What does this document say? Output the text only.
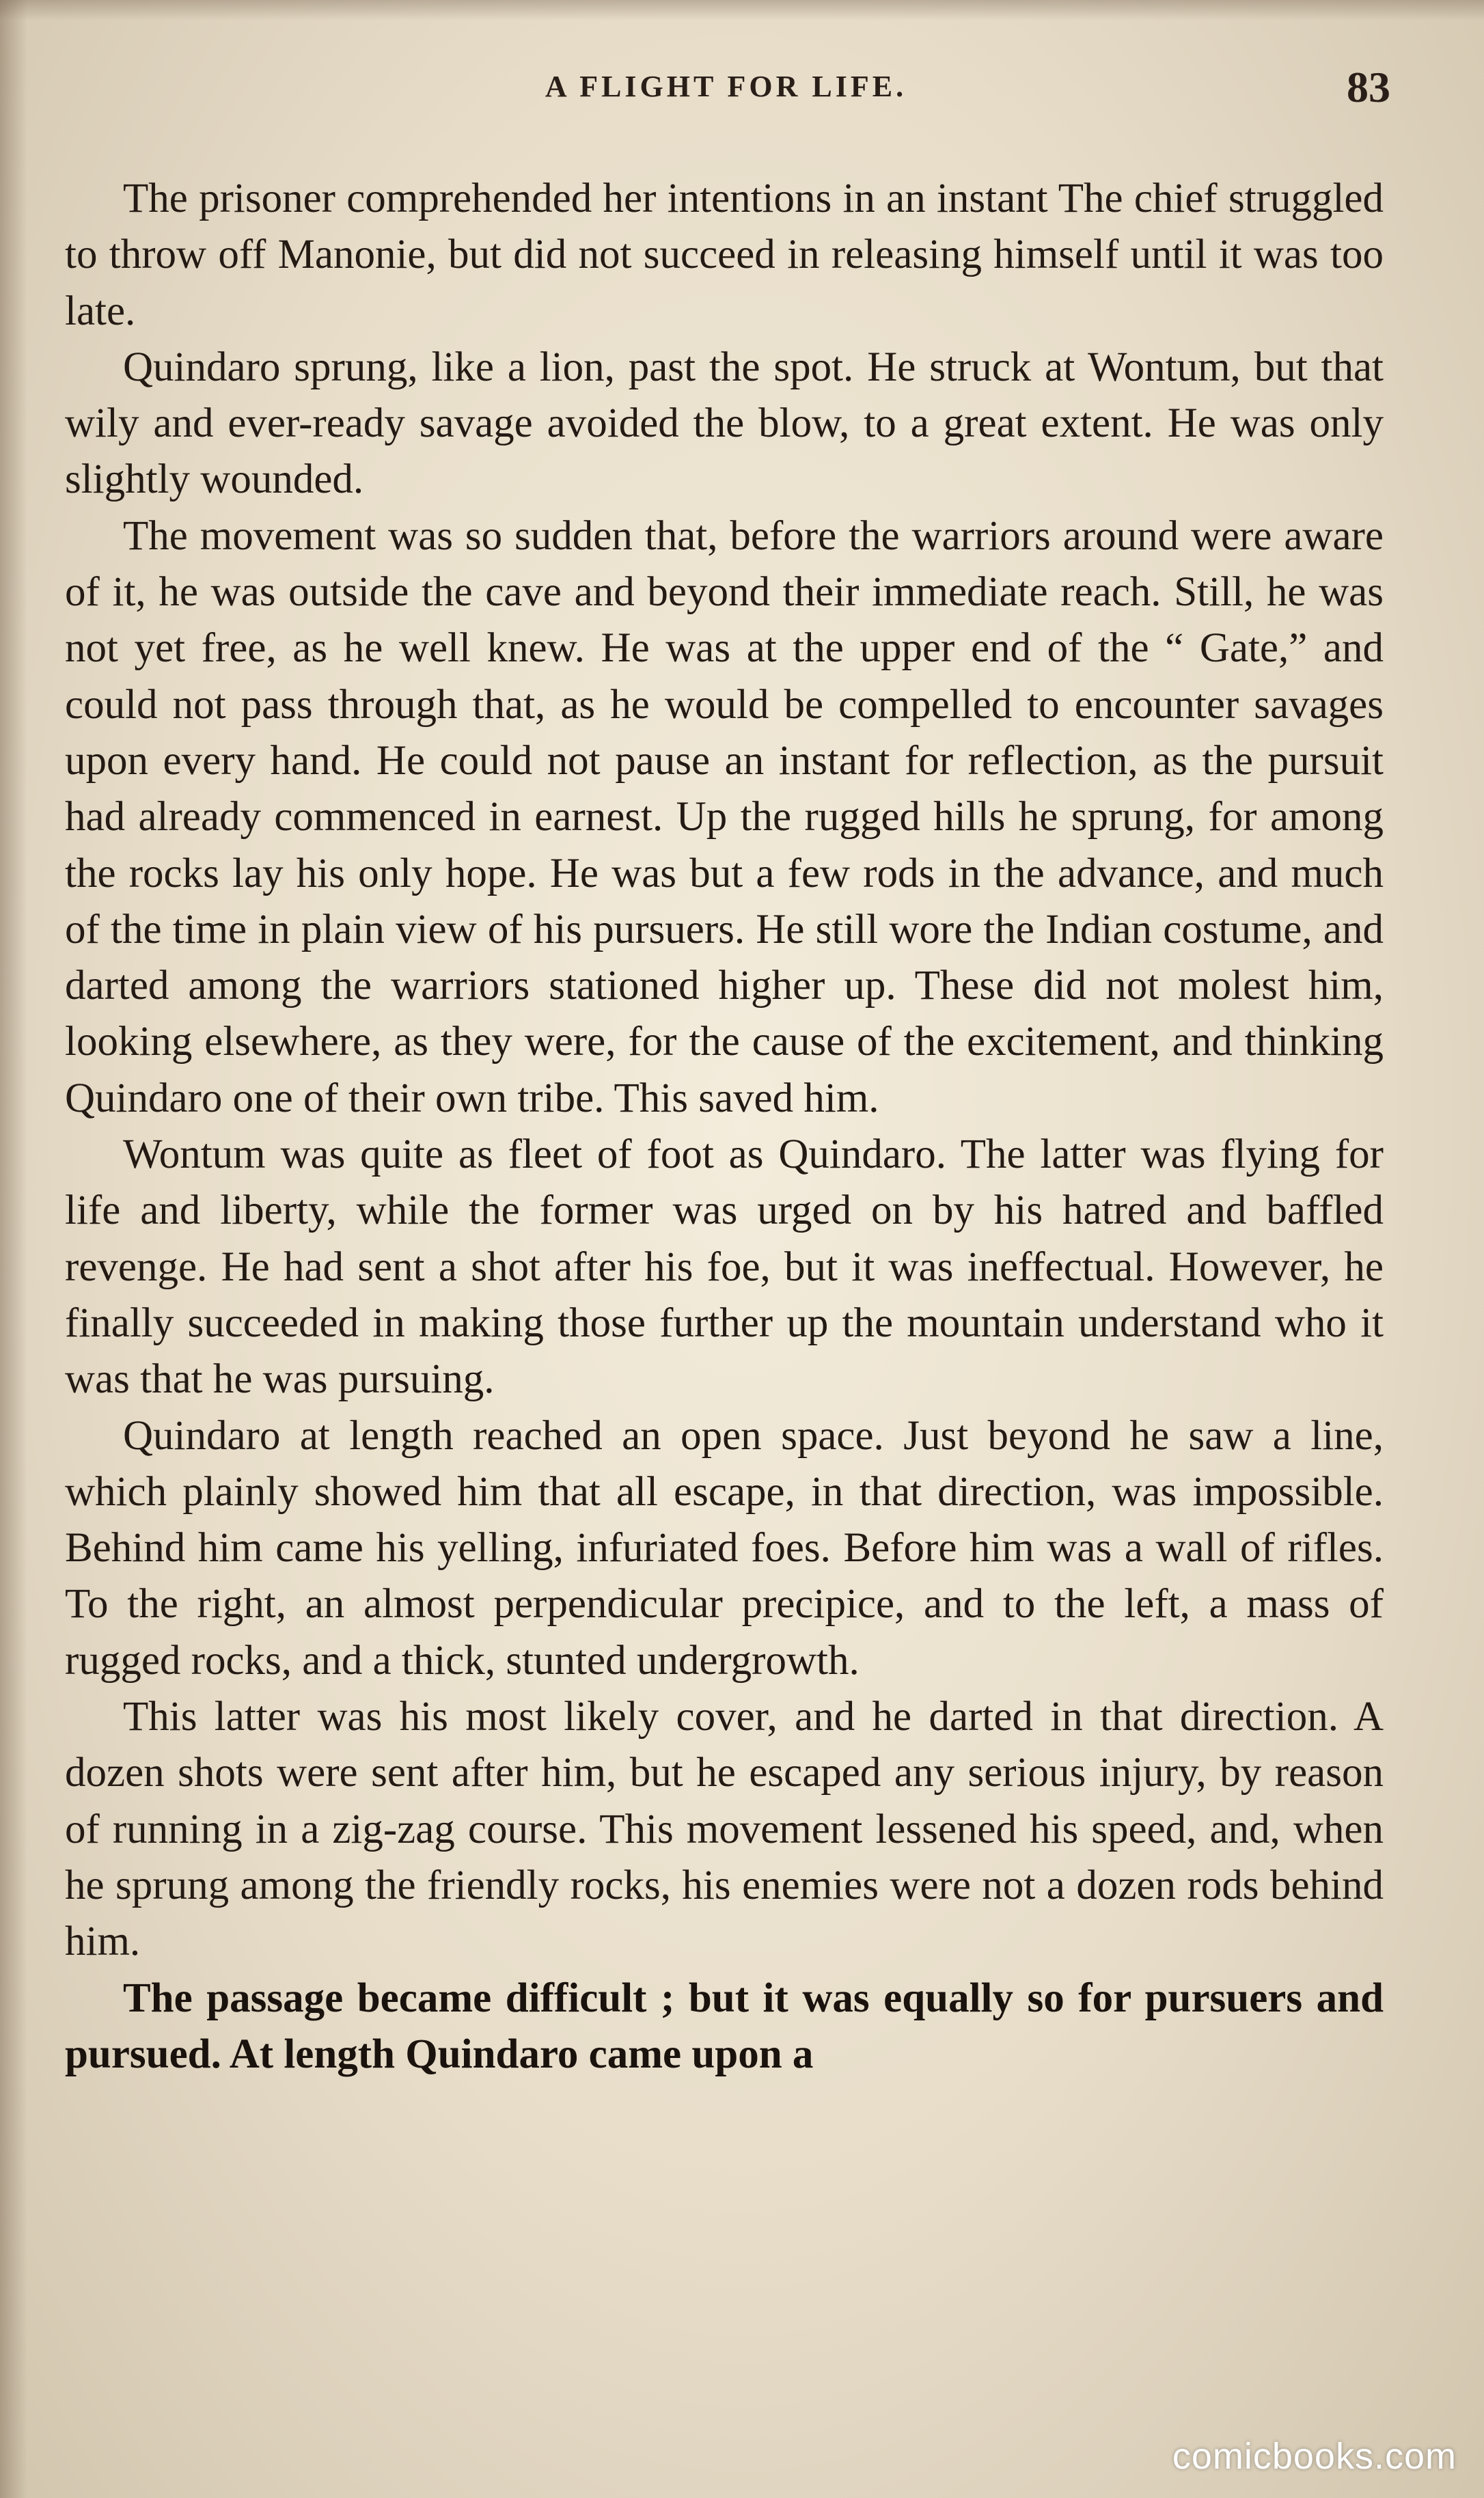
A FLIGHT FOR LIFE.	83

The prisoner comprehended her intentions in an instant The chief struggled to throw off Manonie, but did not succeed in releasing himself until it was too late.

Quindaro sprung, like a lion, past the spot. He struck at Wontum, but that wily and ever-ready savage avoided the blow, to a great extent. He was only slightly wounded.

The movement was so sudden that, before the warriors around were aware of it, he was outside the cave and beyond their immediate reach. Still, he was not yet free, as he well knew. He was at the upper end of the “ Gate,” and could not pass through that, as he would be compelled to encounter savages upon every hand. He could not pause an instant for reflection, as the pursuit had already commenced in earnest. Up the rugged hills he sprung, for among the rocks lay his only hope. He was but a few rods in the advance, and much of the time in plain view of his pursuers. He still wore the Indian costume, and darted among the warriors stationed higher up. These did not molest him, looking elsewhere, as they were, for the cause of the excitement, and thinking Quindaro one of their own tribe. This saved him.

Wontum was quite as fleet of foot as Quindaro. The latter was flying for life and liberty, while the former was urged on by his hatred and baffled revenge. He had sent a shot after his foe, but it was ineffectual. However, he finally succeeded in making those further up the mountain understand who it was that he was pursuing.

Quindaro at length reached an open space. Just beyond he saw a line, which plainly showed him that all escape, in that direction, was impossible. Behind him came his yelling, infuriated foes. Before him was a wall of rifles. To the right, an almost perpendicular precipice, and to the left, a mass of rugged rocks, and a thick, stunted undergrowth.

This latter was his most likely cover, and he darted in that direction. A dozen shots were sent after him, but he escaped any serious injury, by reason of running in a zig-zag course. This movement lessened his speed, and, when he sprung among the friendly rocks, his enemies were not a dozen rods behind him.

The passage became difficult ; but it was equally so for pursuers and pursued. At length Quindaro came upon a

comicbooks.com
